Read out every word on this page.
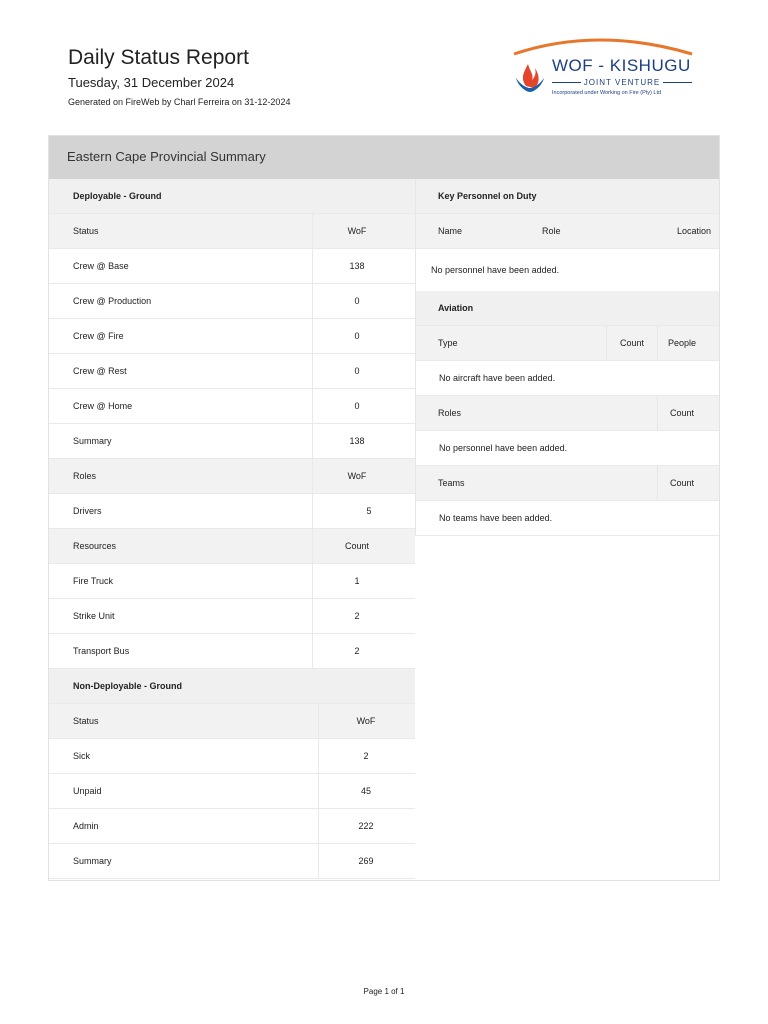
Daily Status Report
Tuesday, 31 December 2024
Generated on FireWeb by Charl Ferreira on 31-12-2024
WOF - KISHUGU
JOINT VENTURE
Incorporated under Working on Fire (Pty) Ltd
Eastern Cape Provincial Summary
Deployable - Ground
Status	WoF
Crew @ Base	138
Crew @ Production	0
Crew @ Fire	0
Crew @ Rest	0
Crew @ Home	0
Summary	138
Roles	WoF
Drivers	5
Resources	Count
Fire Truck	1
Strike Unit	2
Transport Bus	2
Non-Deployable - Ground
Status	WoF
Sick	2
Unpaid	45
Admin	222
Summary	269
Key Personnel on Duty
Name	Role	Location
No personnel have been added.
Aviation
Type	Count	People
No aircraft have been added.
Roles	Count
No personnel have been added.
Teams	Count
No teams have been added.
Page 1 of 1
